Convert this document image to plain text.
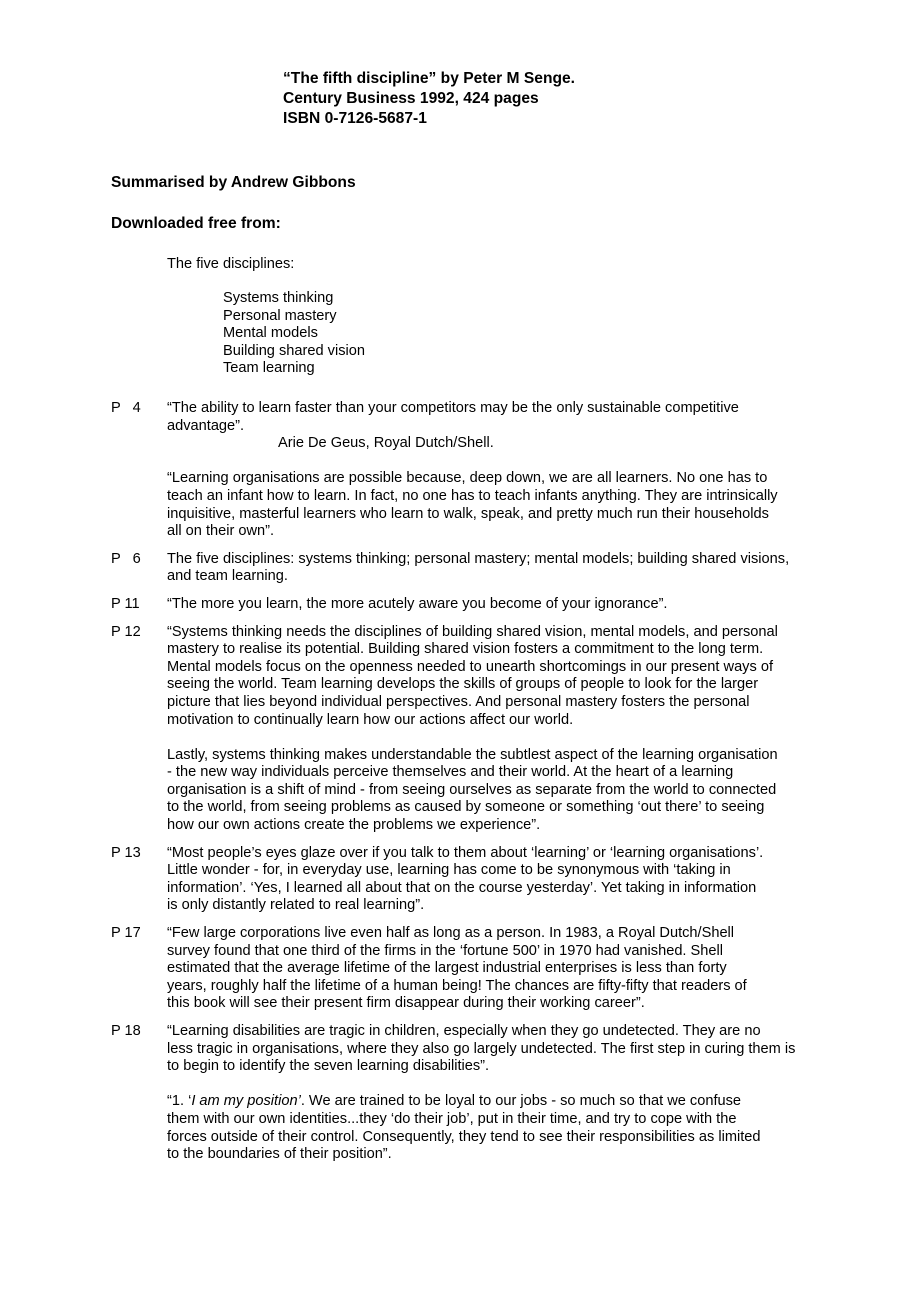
“The fifth discipline” by Peter M Senge.
Century Business 1992, 424 pages
ISBN 0-7126-5687-1
Summarised by Andrew Gibbons
Downloaded free from:
The five disciplines:
Systems thinking
Personal mastery
Mental models
Building shared vision
Team learning
P   4	“The ability to learn faster than your competitors may be the only sustainable competitive
advantage”.
Arie De Geus, Royal Dutch/Shell.

“Learning organisations are possible because, deep down, we are all learners. No one has to
teach an infant how to learn. In fact, no one has to teach infants anything. They are intrinsically
inquisitive, masterful learners who learn to walk, speak, and pretty much run their households
all on their own”.

P   6	The five disciplines: systems thinking; personal mastery; mental models; building shared visions,
and team learning.

P 11	“The more you learn, the more acutely aware you become of your ignorance”.

P 12	“Systems thinking needs the disciplines of building shared vision, mental models, and personal
mastery to realise its potential. Building shared vision fosters a commitment to the long term.
Mental models focus on the openness needed to unearth shortcomings in our present ways of
seeing the world. Team learning develops the skills of groups of people to look for the larger
picture that lies beyond individual perspectives. And personal mastery fosters the personal
motivation to continually learn how our actions affect our world.

Lastly, systems thinking makes understandable the subtlest aspect of the learning organisation
- the new way individuals perceive themselves and their world. At the heart of a learning
organisation is a shift of mind - from seeing ourselves as separate from the world to connected
to the world, from seeing problems as caused by someone or something ‘out there’ to seeing
how our own actions create the problems we experience”.

P 13	“Most people’s eyes glaze over if you talk to them about ‘learning’ or ‘learning organisations’.
Little wonder - for, in everyday use, learning has come to be synonymous with ‘taking in
information’. ‘Yes, I learned all about that on the course yesterday’. Yet taking in information
is only distantly related to real learning”.

P 17	“Few large corporations live even half as long as a person. In 1983, a Royal Dutch/Shell
survey found that one third of the firms in the ‘fortune 500’ in 1970 had vanished. Shell
estimated that the average lifetime of the largest industrial enterprises is less than forty
years, roughly half the lifetime of a human being! The chances are fifty-fifty that readers of
this book will see their present firm disappear during their working career”.

P 18	“Learning disabilities are tragic in children, especially when they go undetected. They are no
less tragic in organisations, where they also go largely undetected. The first step in curing them is
to begin to identify the seven learning disabilities”.

“1. ‘I am my position’. We are trained to be loyal to our jobs - so much so that we confuse
them with our own identities...they ‘do their job’, put in their time, and try to cope with the
forces outside of their control. Consequently, they tend to see their responsibilities as limited
to the boundaries of their position”.
